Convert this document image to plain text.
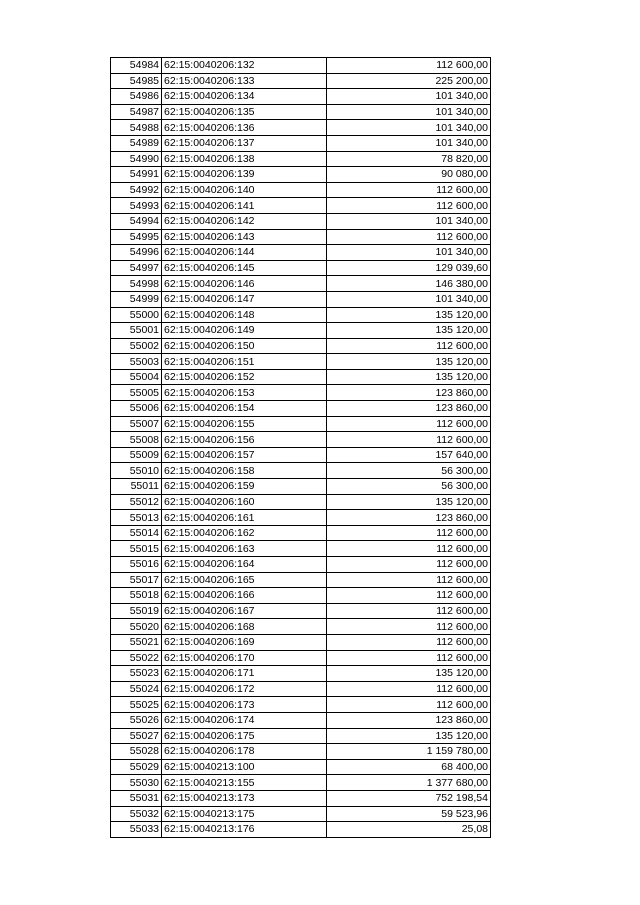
54984	62:15:0040206:132	112 600,00
54985	62:15:0040206:133	225 200,00
54986	62:15:0040206:134	101 340,00
54987	62:15:0040206:135	101 340,00
54988	62:15:0040206:136	101 340,00
54989	62:15:0040206:137	101 340,00
54990	62:15:0040206:138	78 820,00
54991	62:15:0040206:139	90 080,00
54992	62:15:0040206:140	112 600,00
54993	62:15:0040206:141	112 600,00
54994	62:15:0040206:142	101 340,00
54995	62:15:0040206:143	112 600,00
54996	62:15:0040206:144	101 340,00
54997	62:15:0040206:145	129 039,60
54998	62:15:0040206:146	146 380,00
54999	62:15:0040206:147	101 340,00
55000	62:15:0040206:148	135 120,00
55001	62:15:0040206:149	135 120,00
55002	62:15:0040206:150	112 600,00
55003	62:15:0040206:151	135 120,00
55004	62:15:0040206:152	135 120,00
55005	62:15:0040206:153	123 860,00
55006	62:15:0040206:154	123 860,00
55007	62:15:0040206:155	112 600,00
55008	62:15:0040206:156	112 600,00
55009	62:15:0040206:157	157 640,00
55010	62:15:0040206:158	56 300,00
55011	62:15:0040206:159	56 300,00
55012	62:15:0040206:160	135 120,00
55013	62:15:0040206:161	123 860,00
55014	62:15:0040206:162	112 600,00
55015	62:15:0040206:163	112 600,00
55016	62:15:0040206:164	112 600,00
55017	62:15:0040206:165	112 600,00
55018	62:15:0040206:166	112 600,00
55019	62:15:0040206:167	112 600,00
55020	62:15:0040206:168	112 600,00
55021	62:15:0040206:169	112 600,00
55022	62:15:0040206:170	112 600,00
55023	62:15:0040206:171	135 120,00
55024	62:15:0040206:172	112 600,00
55025	62:15:0040206:173	112 600,00
55026	62:15:0040206:174	123 860,00
55027	62:15:0040206:175	135 120,00
55028	62:15:0040206:178	1 159 780,00
55029	62:15:0040213:100	68 400,00
55030	62:15:0040213:155	1 377 680,00
55031	62:15:0040213:173	752 198,54
55032	62:15:0040213:175	59 523,96
55033	62:15:0040213:176	25,08
